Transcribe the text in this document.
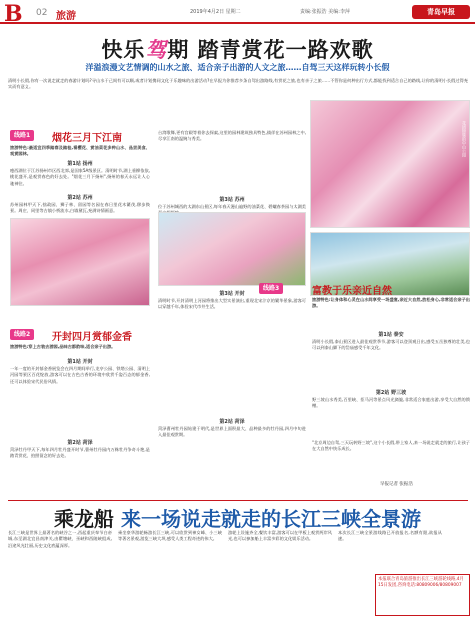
B 02 旅游	2019年4月2日 星期二	责编:张振浩 美编:李萍	青岛早报
快乐驾期 踏青赏花一路欢歌
洋溢浪漫文艺情调的山水之旅、适合亲子出游的人文之旅……自驾三天这样玩转小长假
清明小长假,你有一次说走就走的春游计划吗?寻山水于己间有可以顺,或者计划携同文化于乐趣味的出游活动?在早报为你推荐多条自驾出游路线,有赏花之旅,也有亲子之旅……不管你是何种出行方式,都能找到适合自己的路线,让你的清明小长假过得充实而有意义。
花团锦簇的中山公园
线路1	烟花三月下江南
旅游特色:最适宜四季踏春及踏桂,看樱花、赏油菜花多种山水、品尝美食、观赏园林。
第1站 扬州
瘦西湖位于江苏扬州市区西北郊,是国家5A级景区。清明时节,湖上垂柳依依,桃花盛开,是观赏春色的好去处。"烟花三月下扬州",扬州的春天永远让人心驰神往。
第2站 苏州
苏州园林甲天下,拙政园、狮子林、留园等名园在春日里花木繁茂,移步换景。周庄、同里等古镇小桥流水,白墙黛瓦,充满诗情画意。
线路2	开封四月赏郁金香
旅游特色:穿上古装去游园,品味古都韵味,适合亲子出游。
第1站 开封
一年一度的开封郁金香展览会在四月期间举行,龙亭公园、铁塔公园、清明上河园等景区百花绽放,游客可以在古色古香的环境中欣赏千姿百态的郁金香,还可以体验宋代民俗风情。
第2站 菏泽
菏泽牡丹甲天下,每年四月牡丹盛开时节,曹州牡丹园内万株牡丹争奇斗艳,是踏青赏花、拍照留念的好去处。
台湾歌舞,更有宫殿等着你去探索,这里的园林建筑独具特色,徜徉在苏州园林之中,尽享江南的温婉与秀美。
第3站 苏州
位于苏州城西的太湖东山景区,每年春天漫山遍野的油菜花、碧螺春茶园与太湖美
第3站 开封
清明时节,开封清明上河园将推出大型实景演出,重现北宋汴京的繁华景象,游客可以穿越千年,体验宋代市井生活。
第2站 菏泽
菏泽曹州牡丹园始建于明代,是世界上面积最大、品种最多的牡丹园,四月中旬进入最佳观赏期。
线路3	富教于乐亲近自然
旅游特色:让身体和心灵在山水间享受一场盛宴,亲近大自然,放松身心,非常适合亲子出游。
第1站 泰安
清明小长假,泰山景区进入最佳观赏季节,游客可以登顶观日出,感受五岳独尊的壮美,也可以到泰山脚下的岱庙感受千年文化。
第2站 野三坡
野三坡山水秀美,百里峡、拒马河等景点风光旖旎,非常适合家庭出游,享受大自然的馈赠。
"北京周边自驾,三天玩转野三坡",这个小长假,带上家人,来一场说走就走的旅行,让孩子在大自然中快乐成长。
早报记者 张振浩
乘龙船 来一场说走就走的长江三峡全景游
长江三峡是世界上最著名的峡谷之一,西起重庆奉节白帝城,东至湖北宜昌南津关,由瞿塘峡、巫峡和西陵峡组成,沿途风光壮丽,历史文化底蕴深厚。
乘坐豪华游轮畅游长江三峡,可以欣赏到神女峰、小三峡等著名景观,游览三峡大坝,感受人类工程奇迹的伟大。
游轮上设施齐全,餐饮丰富,游客可以在甲板上观赏两岸风光,也可以参加船上丰富多彩的文化娱乐活动。
本次长江三峡全景游线路已开放报名,名额有限,欲报从速。
本报联合青岛旅游推出长江三峡游轮线路,4月15日发团,咨询电话:80809006/80809007
